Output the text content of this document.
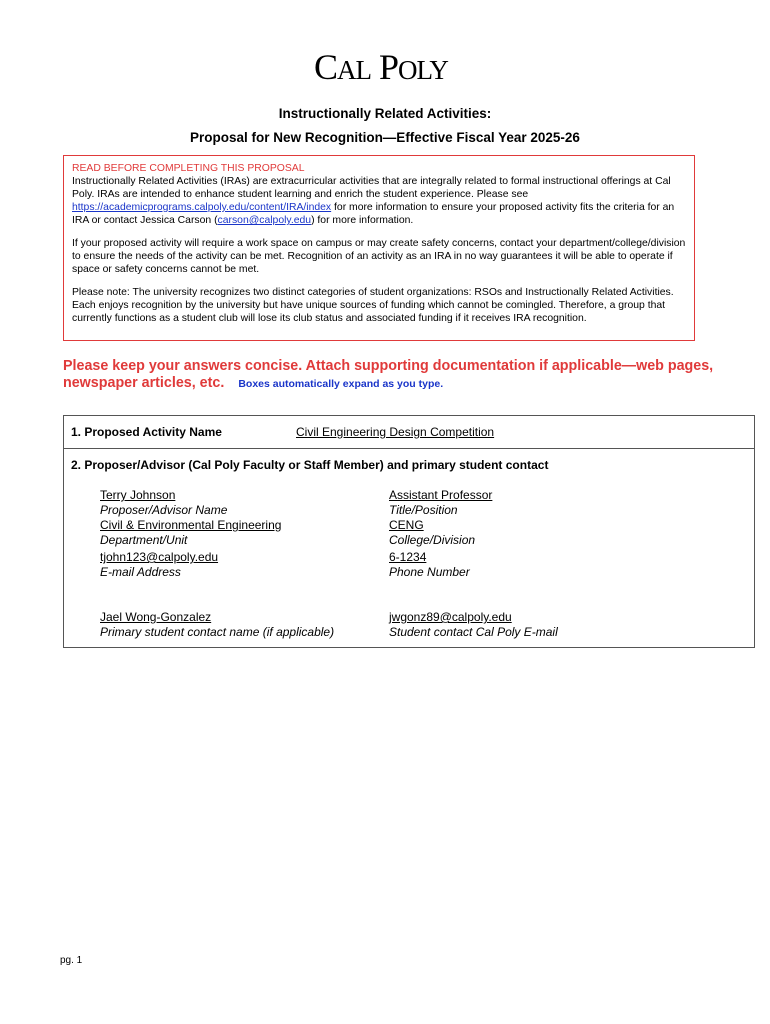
CAL POLY
Instructionally Related Activities:
Proposal for New Recognition—Effective Fiscal Year 2025-26
READ BEFORE COMPLETING THIS PROPOSAL

Instructionally Related Activities (IRAs) are extracurricular activities that are integrally related to formal instructional offerings at Cal Poly. IRAs are intended to enhance student learning and enrich the student experience. Please see https://academicprograms.calpoly.edu/content/IRA/index for more information to ensure your proposed activity fits the criteria for an IRA or contact Jessica Carson (carson@calpoly.edu) for more information.

If your proposed activity will require a work space on campus or may create safety concerns, contact your department/college/division to ensure the needs of the activity can be met. Recognition of an activity as an IRA in no way guarantees it will be able to operate if space or safety concerns cannot be met.

Please note: The university recognizes two distinct categories of student organizations: RSOs and Instructionally Related Activities. Each enjoys recognition by the university but have unique sources of funding which cannot be comingled. Therefore, a group that currently functions as a student club will lose its club status and associated funding if it receives IRA recognition.

Please keep your answers concise. Attach supporting documentation if applicable—web pages, newspaper articles, etc. Boxes automatically expand as you type.
1. Proposed Activity Name	Civil Engineering Design Competition
2. Proposer/Advisor (Cal Poly Faculty or Staff Member) and primary student contact
Terry Johnson
Proposer/Advisor Name
Assistant Professor
Title/Position
Civil & Environmental Engineering
Department/Unit
CENG
College/Division
tjohn123@calpoly.edu
E-mail Address
6-1234
Phone Number
Jael Wong-Gonzalez
Primary student contact name (if applicable)
jwgonz89@calpoly.edu
Student contact Cal Poly E-mail
pg. 1
